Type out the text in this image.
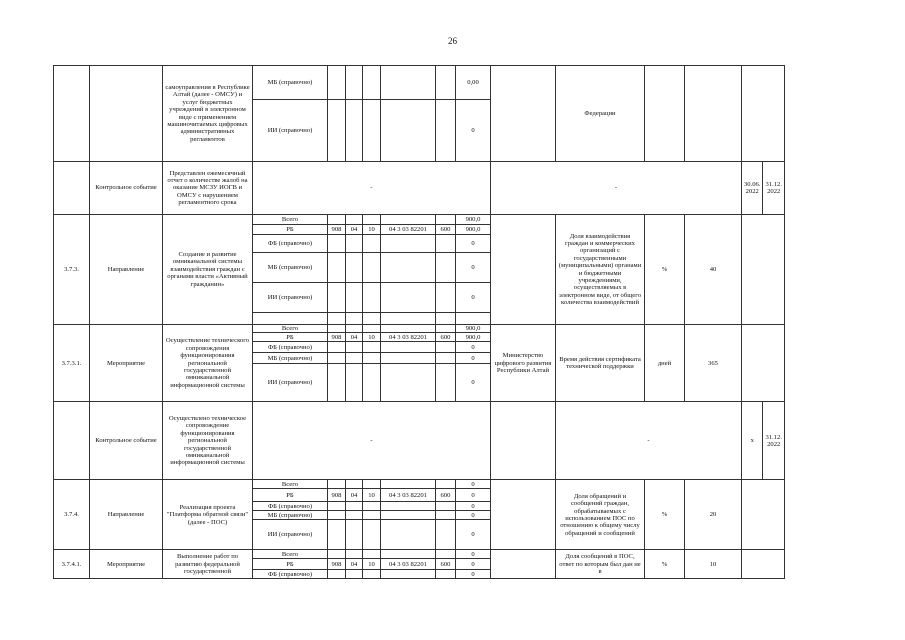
26
		самоуправления в Республике Алтай (далее - ОМСУ) и услуг бюджетных учреждений в электронном виде с применением машиночитаемых цифровых административных регламентов	МБ (справочно)						0,00		Федерации				
			ИИ (справочно)						0						
	Контрольное событие	Представлен ежемесячный отчет о количестве жалоб на оказание МСЗУ ИОГВ и ОМСУ с нарушением регламентного срока	-							-				30.06. 2022	31.12. 2022
3.7.3.	Направление	Создание и развитие омниканальной системы взаимодействия граждан с органами власти «Активный гражданин»	Всего						900,0		Доля взаимодействия граждан и коммерческих организаций с государственными (муниципальными) органами и бюджетными учреждениями, осуществляемых в электронном виде, от общего количества взаимодействий	%	40		
			РБ	908	04	10	04 3 03 82201	600	900,0						
			ФБ (справочно)						0						
			МБ (справочно)						0						
			ИИ (справочно)						0						

3.7.3.1.	Мероприятие	Осуществление технического сопровождения функционирования региональной государственной омниканальной информационной системы	Всего						900,0	Министерство цифрового развития Республики Алтай	Время действия сертификата технической поддержки	дней	365		
			РБ	908	04	10	04 3 03 82201	600	900,0						
			ФБ (справочно)						0						
			МБ (справочно)						0						
			ИИ (справочно)						0						
	Контрольное событие	Осуществлено техническое сопровождение функционирования региональной государственной омниканальной информационной системы	-								-			х	31.12. 2022
3.7.4.	Направление	Реализация проекта "Платформа обратной связи" (далее - ПОС)	Всего						0		Доля обращений и сообщений граждан, обрабатываемых с использованием ПОС по отношению к общему числу обращений и сообщений	%	20		
			РБ	908	04	10	04 3 03 82201	600	0						
			ФБ (справочно)						0						
			МБ (справочно)						0						
			ИИ (справочно)						0						
3.7.4.1.	Мероприятие	Выполнение работ по развитию федеральной государственной	Всего						0		Доля сообщений в ПОС, ответ по которым был дан не в	%	10		
			РБ	908	04	10	04 3 03 82201	600	0						
			ФБ (справочно)						0						
